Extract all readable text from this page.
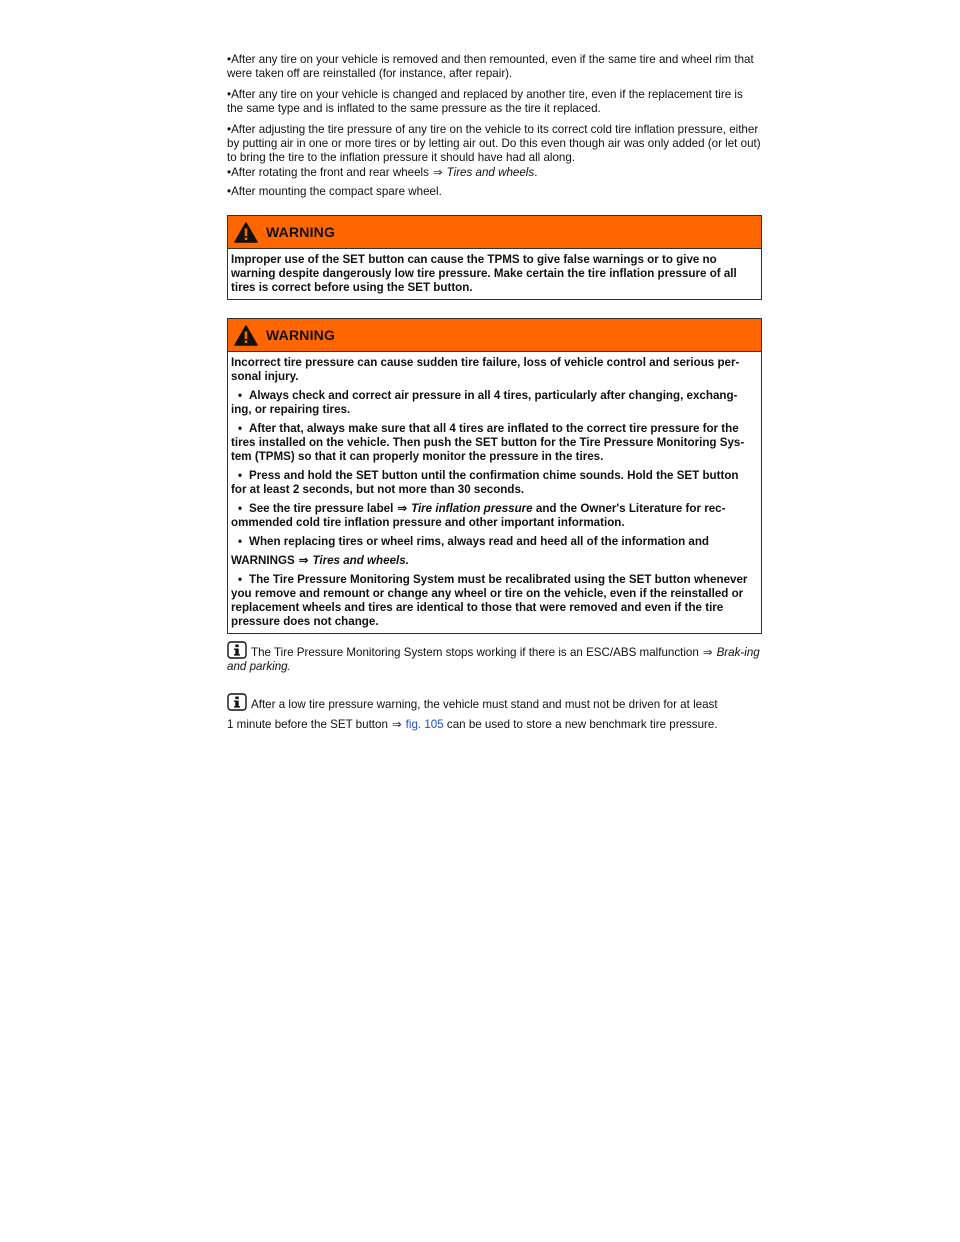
•After any tire on your vehicle is removed and then remounted, even if the same tire and wheel rim that were taken off are reinstalled (for instance, after repair).
•After any tire on your vehicle is changed and replaced by another tire, even if the replacement tire is the same type and is inflated to the same pressure as the tire it replaced.
•After adjusting the tire pressure of any tire on the vehicle to its correct cold tire inflation pressure, either by putting air in one or more tires or by letting air out. Do this even though air was only added (or let out) to bring the tire to the inflation pressure it should have had all along.
•After rotating the front and rear wheels ⇒ Tires and wheels.
•After mounting the compact spare wheel.
WARNING

Improper use of the SET button can cause the TPMS to give false warnings or to give no warning despite dangerously low tire pressure. Make certain the tire inflation pressure of all tires is correct before using the SET button.

WARNING

Incorrect tire pressure can cause sudden tire failure, loss of vehicle control and serious per-sonal injury.

• Always check and correct air pressure in all 4 tires, particularly after changing, exchang-ing, or repairing tires.

• After that, always make sure that all 4 tires are inflated to the correct tire pressure for the tires installed on the vehicle. Then push the SET button for the Tire Pressure Monitoring Sys-tem (TPMS) so that it can properly monitor the pressure in the tires.

• Press and hold the SET button until the confirmation chime sounds. Hold the SET button for at least 2 seconds, but not more than 30 seconds.

• See the tire pressure label ⇒ Tire inflation pressure and the Owner's Literature for rec-ommended cold tire inflation pressure and other important information.

• When replacing tires or wheel rims, always read and heed all of the information and

WARNINGS ⇒ Tires and wheels.

• The Tire Pressure Monitoring System must be recalibrated using the SET button whenever you remove and remount or change any wheel or tire on the vehicle, even if the reinstalled or replacement wheels and tires are identical to those that were removed and even if the tire pressure does not change.

The Tire Pressure Monitoring System stops working if there is an ESC/ABS malfunction ⇒ Brak-ing and parking.
After a low tire pressure warning, the vehicle must stand and must not be driven for at least
1 minute before the SET button ⇒ fig. 105 can be used to store a new benchmark tire pressure.
